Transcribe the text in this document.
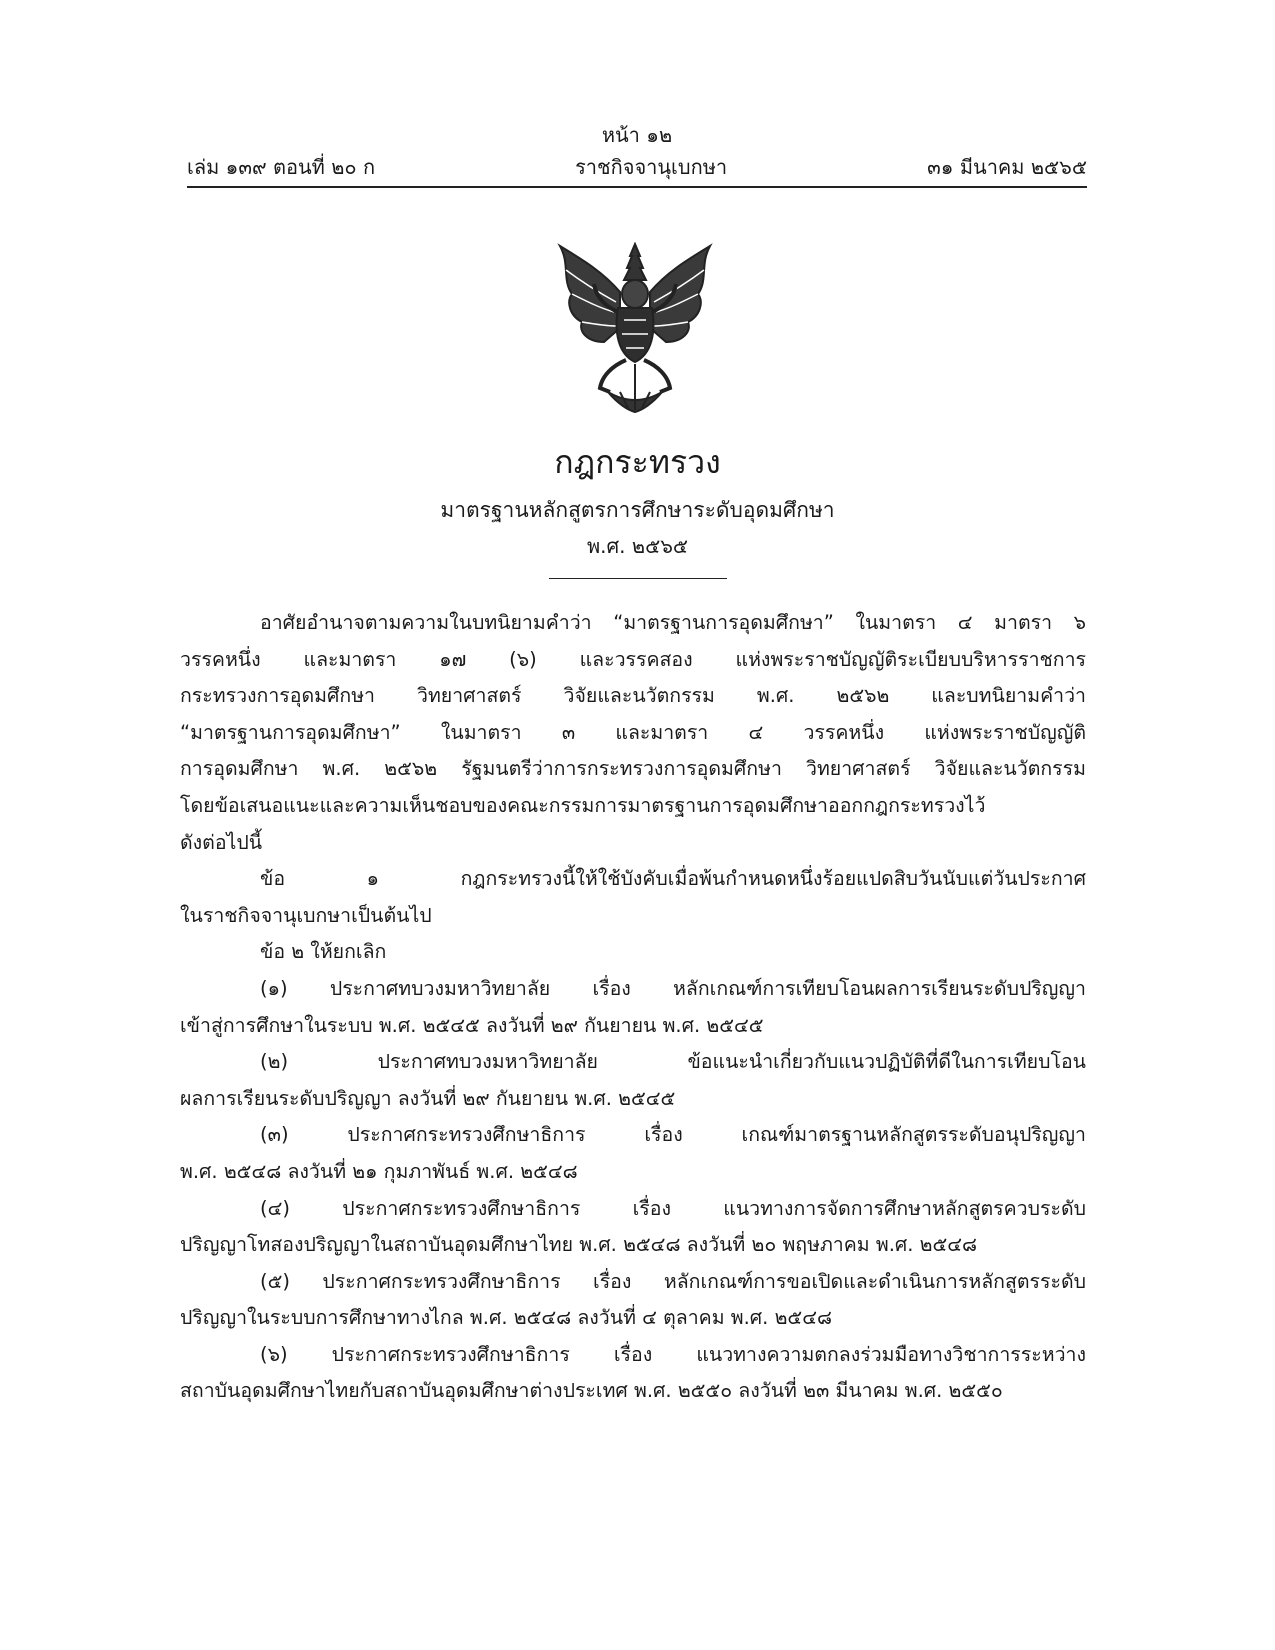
หน้า ๑๒
เล่ม ๑๓๙ ตอนที่ ๒๐ ก	ราชกิจจานุเบกษา	๓๑ มีนาคม ๒๕๖๕
กฎกระทรวง
มาตรฐานหลักสูตรการศึกษาระดับอุดมศึกษา
พ.ศ. ๒๕๖๕
อาศัยอำนาจตามความในบทนิยามคำว่า “มาตรฐานการอุดมศึกษา” ในมาตรา ๔ มาตรา ๖
วรรคหนึ่ง และมาตรา ๑๗ (๖) และวรรคสอง แห่งพระราชบัญญัติระเบียบบริหารราชการ
กระทรวงการอุดมศึกษา วิทยาศาสตร์ วิจัยและนวัตกรรม พ.ศ. ๒๕๖๒ และบทนิยามคำว่า
“มาตรฐานการอุดมศึกษา” ในมาตรา ๓ และมาตรา ๔ วรรคหนึ่ง แห่งพระราชบัญญัติ
การอุดมศึกษา พ.ศ. ๒๕๖๒ รัฐมนตรีว่าการกระทรวงการอุดมศึกษา วิทยาศาสตร์ วิจัยและนวัตกรรม
โดยข้อเสนอแนะและความเห็นชอบของคณะกรรมการมาตรฐานการอุดมศึกษาออกกฎกระทรวงไว้
ดังต่อไปนี้
ข้อ ๑ กฎกระทรวงนี้ให้ใช้บังคับเมื่อพ้นกำหนดหนึ่งร้อยแปดสิบวันนับแต่วันประกาศ
ในราชกิจจานุเบกษาเป็นต้นไป
ข้อ ๒ ให้ยกเลิก
(๑) ประกาศทบวงมหาวิทยาลัย เรื่อง หลักเกณฑ์การเทียบโอนผลการเรียนระดับปริญญา
เข้าสู่การศึกษาในระบบ พ.ศ. ๒๕๔๕ ลงวันที่ ๒๙ กันยายน พ.ศ. ๒๕๔๕
(๒) ประกาศทบวงมหาวิทยาลัย ข้อแนะนำเกี่ยวกับแนวปฏิบัติที่ดีในการเทียบโอน
ผลการเรียนระดับปริญญา ลงวันที่ ๒๙ กันยายน พ.ศ. ๒๕๔๕
(๓) ประกาศกระทรวงศึกษาธิการ เรื่อง เกณฑ์มาตรฐานหลักสูตรระดับอนุปริญญา
พ.ศ. ๒๕๔๘ ลงวันที่ ๒๑ กุมภาพันธ์ พ.ศ. ๒๕๔๘
(๔) ประกาศกระทรวงศึกษาธิการ เรื่อง แนวทางการจัดการศึกษาหลักสูตรควบระดับ
ปริญญาโทสองปริญญาในสถาบันอุดมศึกษาไทย พ.ศ. ๒๕๔๘ ลงวันที่ ๒๐ พฤษภาคม พ.ศ. ๒๕๔๘
(๕) ประกาศกระทรวงศึกษาธิการ เรื่อง หลักเกณฑ์การขอเปิดและดำเนินการหลักสูตรระดับ
ปริญญาในระบบการศึกษาทางไกล พ.ศ. ๒๕๔๘ ลงวันที่ ๔ ตุลาคม พ.ศ. ๒๕๔๘
(๖) ประกาศกระทรวงศึกษาธิการ เรื่อง แนวทางความตกลงร่วมมือทางวิชาการระหว่าง
สถาบันอุดมศึกษาไทยกับสถาบันอุดมศึกษาต่างประเทศ พ.ศ. ๒๕๕๐ ลงวันที่ ๒๓ มีนาคม พ.ศ. ๒๕๕๐
